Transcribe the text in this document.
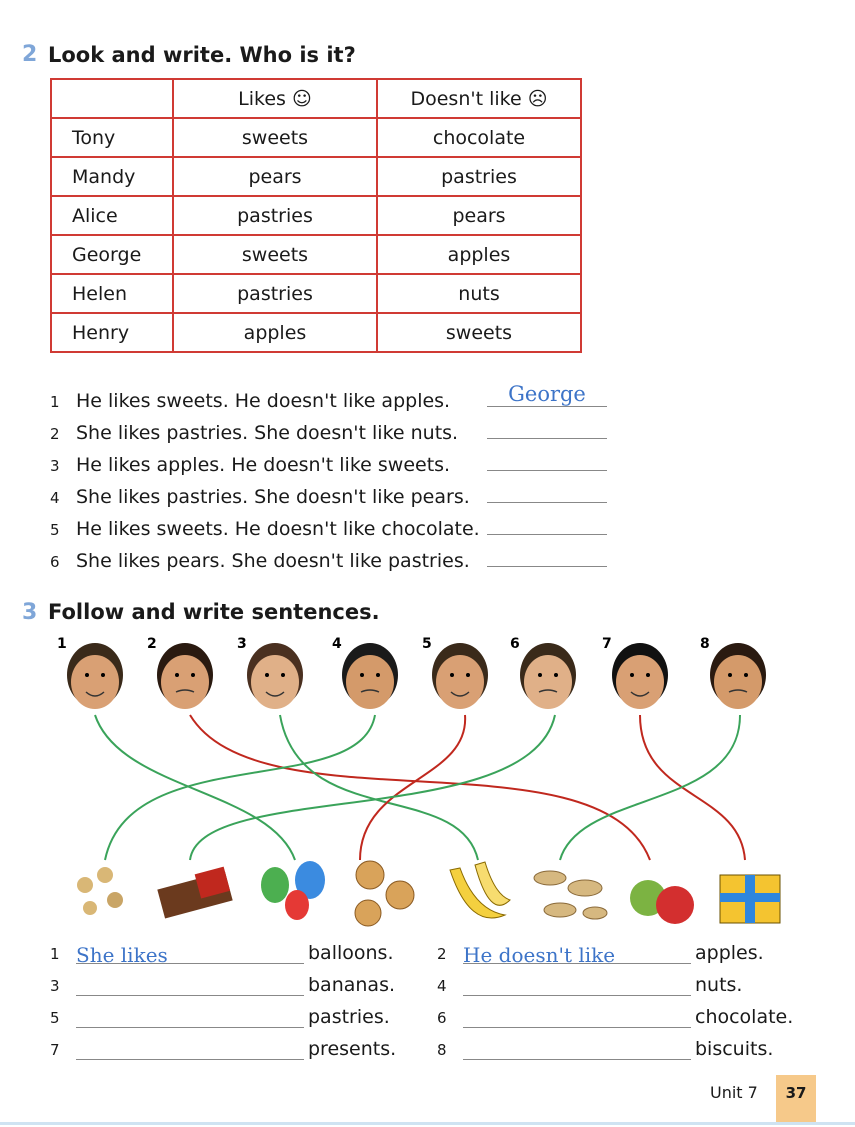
2 Look and write. Who is it?
	Likes ☺	Doesn't like ☹
Tony	sweets	chocolate
Mandy	pears	pastries
Alice	pastries	pears
George	sweets	apples
Helen	pastries	nuts
Henry	apples	sweets
1 He likes sweets. He doesn't like apples.	George
2 She likes pastries. She doesn't like nuts.
3 He likes apples. He doesn't like sweets.
4 She likes pastries. She doesn't like pears.
5 He likes sweets. He doesn't like chocolate.
6 She likes pears. She doesn't like pastries.
3 Follow and write sentences.
1	2	3	4	5	6	7	8
1 She likes	balloons.	2 He doesn't like	apples.
3	bananas.	4	nuts.
5	pastries.	6	chocolate.
7	presents.	8	biscuits.
Unit 7	37
